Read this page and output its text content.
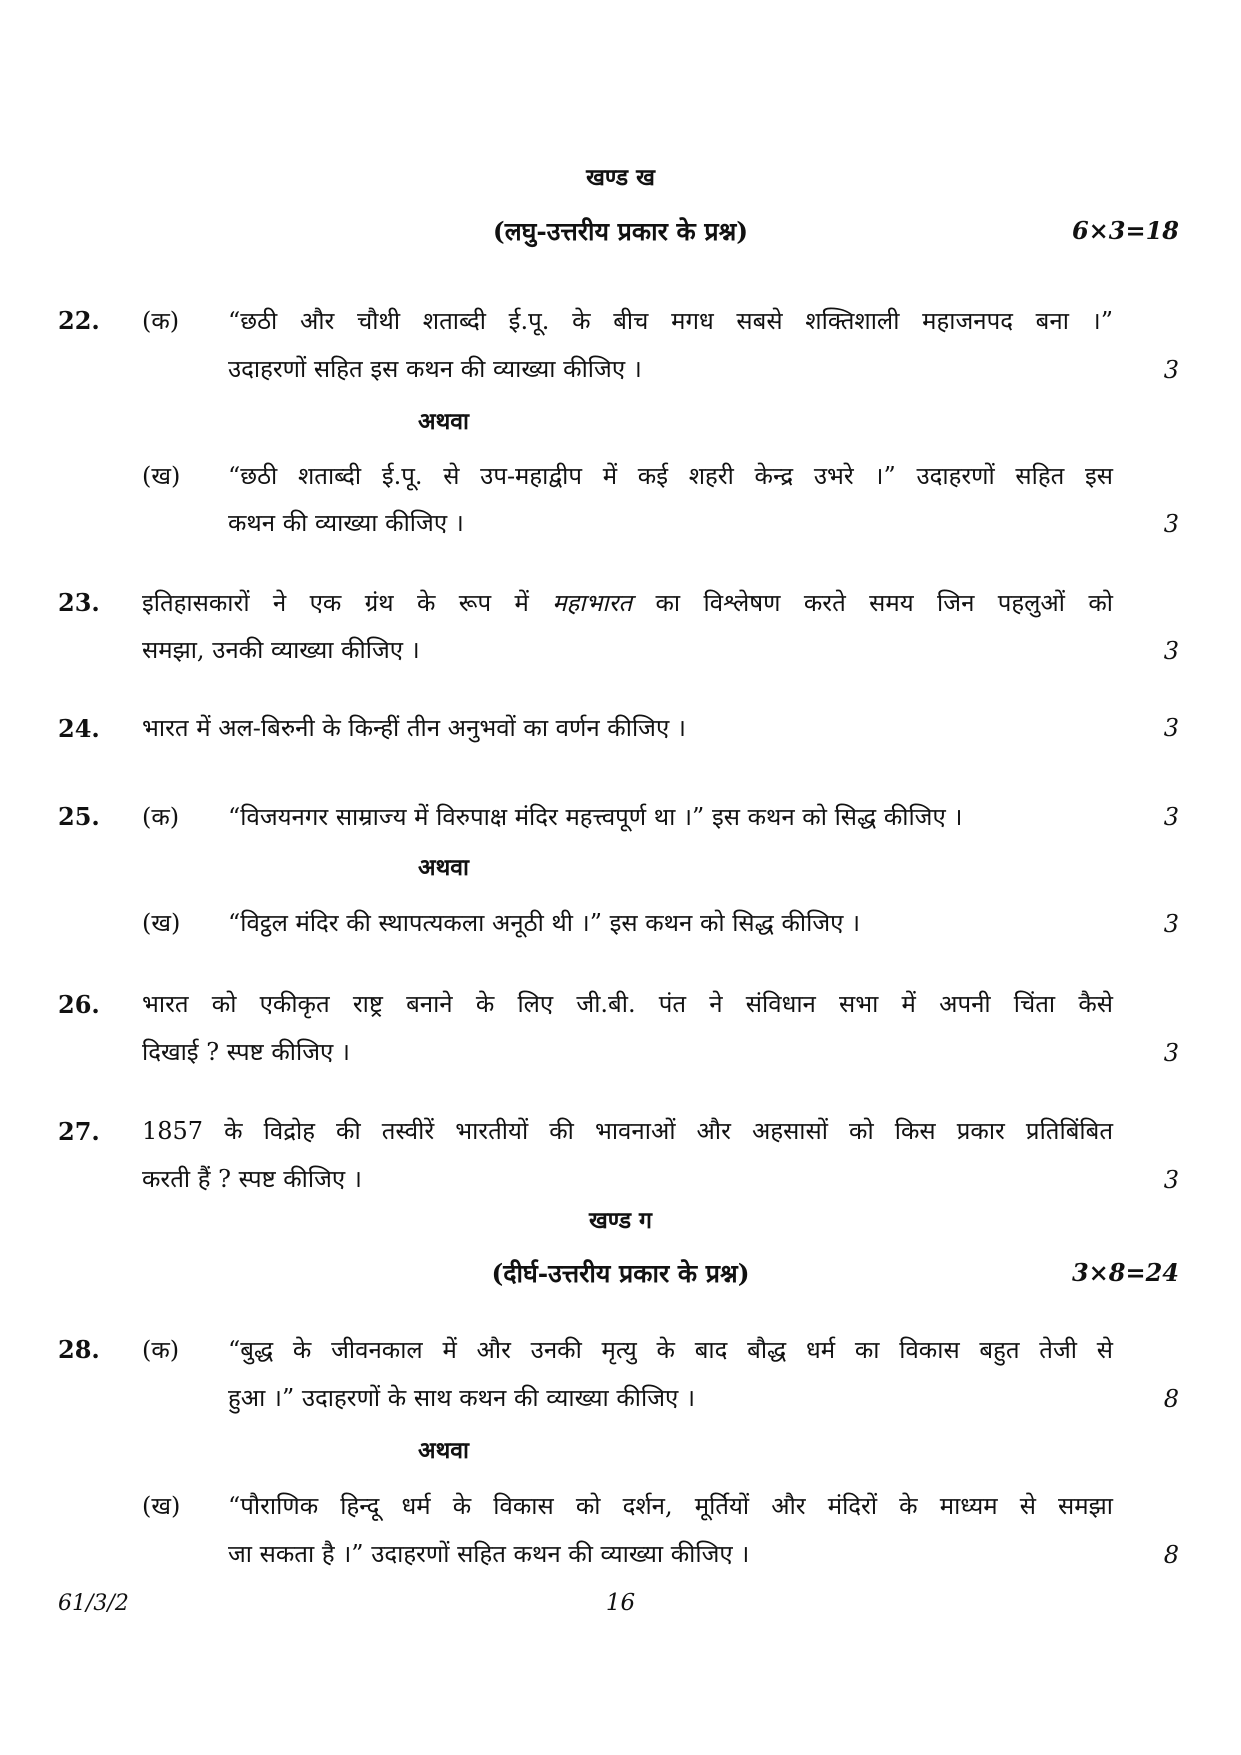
खण्ड ख
(लघु-उत्तरीय प्रकार के प्रश्न)	6×3=18
22. (क) “छठी और चौथी शताब्दी ई.पू. के बीच मगध सबसे शक्तिशाली महाजनपद बना ।”
उदाहरणों सहित इस कथन की व्याख्या कीजिए ।	3
अथवा
(ख) “छठी शताब्दी ई.पू. से उप-महाद्वीप में कई शहरी केन्द्र उभरे ।” उदाहरणों सहित इस
कथन की व्याख्या कीजिए ।	3
23. इतिहासकारों ने एक ग्रंथ के रूप में महाभारत का विश्लेषण करते समय जिन पहलुओं को
समझा, उनकी व्याख्या कीजिए ।	3
24. भारत में अल-बिरुनी के किन्हीं तीन अनुभवों का वर्णन कीजिए ।	3
25. (क) “विजयनगर साम्राज्य में विरुपाक्ष मंदिर महत्त्वपूर्ण था ।” इस कथन को सिद्ध कीजिए ।	3
अथवा
(ख) “विट्ठल मंदिर की स्थापत्यकला अनूठी थी ।” इस कथन को सिद्ध कीजिए ।	3
26. भारत को एकीकृत राष्ट्र बनाने के लिए जी.बी. पंत ने संविधान सभा में अपनी चिंता कैसे
दिखाई ? स्पष्ट कीजिए ।	3
27. 1857 के विद्रोह की तस्वीरें भारतीयों की भावनाओं और अहसासों को किस प्रकार प्रतिबिंबित
करती हैं ? स्पष्ट कीजिए ।	3
खण्ड ग
(दीर्घ-उत्तरीय प्रकार के प्रश्न)	3×8=24
28. (क) “बुद्ध के जीवनकाल में और उनकी मृत्यु के बाद बौद्ध धर्म का विकास बहुत तेजी से
हुआ ।” उदाहरणों के साथ कथन की व्याख्या कीजिए ।	8
अथवा
(ख) “पौराणिक हिन्दू धर्म के विकास को दर्शन, मूर्तियों और मंदिरों के माध्यम से समझा
जा सकता है ।” उदाहरणों सहित कथन की व्याख्या कीजिए ।	8
61/3/2	16
